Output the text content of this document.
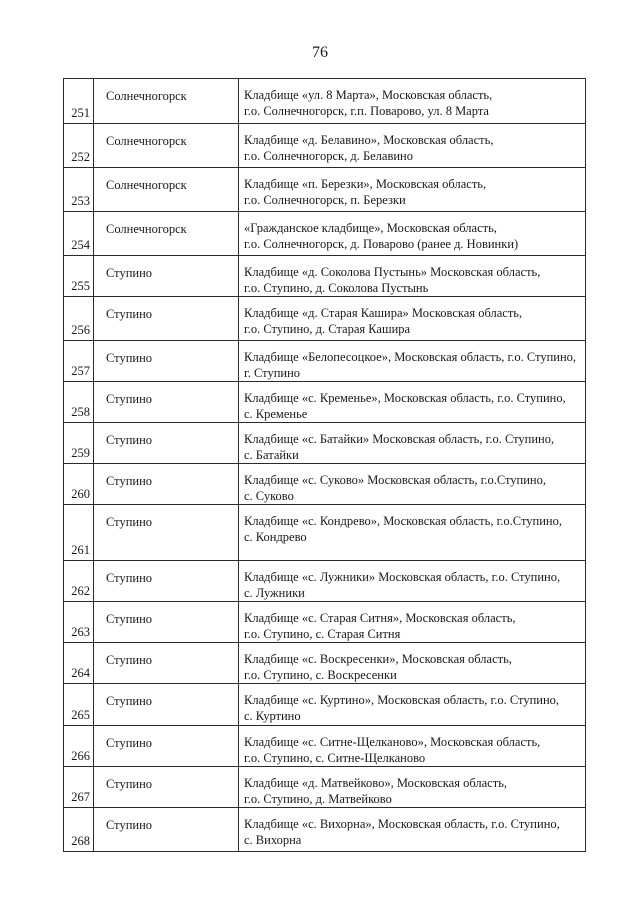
76
251	Солнечногорск	Кладбище «ул. 8 Марта», Московская область,
г.о. Солнечногорск, г.п. Поварово, ул. 8 Марта

252	Солнечногорск	Кладбище «д. Белавино», Московская область,
г.о. Солнечногорск, д. Белавино

253	Солнечногорск	Кладбище «п. Березки», Московская область,
г.о. Солнечногорск, п. Березки

254	Солнечногорск	«Гражданское кладбище», Московская область,
г.о. Солнечногорск, д. Поварово (ранее д. Новинки)

255	Ступино	Кладбище «д. Соколова Пустынь» Московская область,
г.о. Ступино, д. Соколова Пустынь

256	Ступино	Кладбище «д. Старая Кашира» Московская область,
г.о. Ступино, д. Старая Кашира

257	Ступино	Кладбище «Белопесоцкое», Московская область, г.о. Ступино,
г. Ступино

258	Ступино	Кладбище «с. Кременье», Московская область, г.о. Ступино,
с. Кременье

259	Ступино	Кладбище «с. Батайки» Московская область, г.о. Ступино,
с. Батайки

260	Ступино	Кладбище «с. Суково» Московская область, г.о.Ступино,
с. Суково

261	Ступино	Кладбище «с. Кондрево», Московская область, г.о.Ступино,
с. Кондрево

262	Ступино	Кладбище «с. Лужники» Московская область, г.о. Ступино,
с. Лужники

263	Ступино	Кладбище «с. Старая Ситня», Московская область,
г.о. Ступино, с. Старая Ситня

264	Ступино	Кладбище «с. Воскресенки», Московская область,
г.о. Ступино, с. Воскресенки

265	Ступино	Кладбище «с. Куртино», Московская область, г.о. Ступино,
с. Куртино

266	Ступино	Кладбище «с. Ситне-Щелканово», Московская область,
г.о. Ступино, с. Ситне-Щелканово

267	Ступино	Кладбище «д. Матвейково», Московская область,
г.о. Ступино, д. Матвейково

268	Ступино	Кладбище «с. Вихорна», Московская область, г.о. Ступино,
с. Вихорна
